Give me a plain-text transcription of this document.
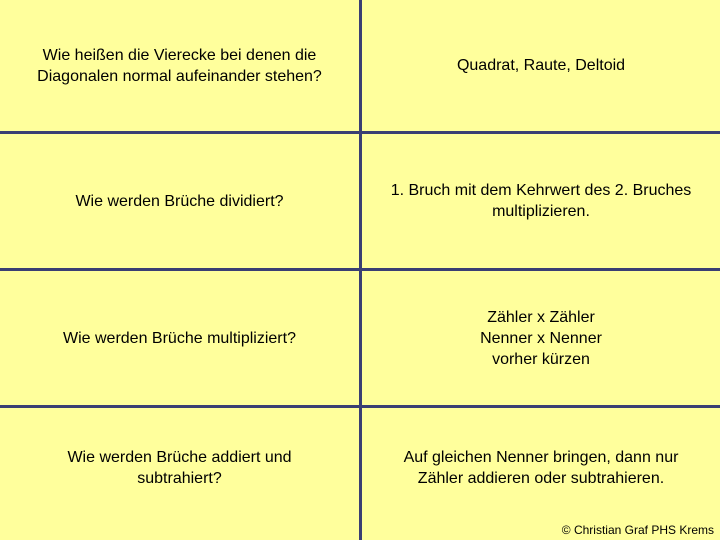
Wie heißen die Vierecke bei denen die
Diagonalen normal aufeinander stehen?
Quadrat, Raute, Deltoid
Wie werden Brüche dividiert?
1. Bruch mit dem Kehrwert des 2. Bruches
multiplizieren.
Wie werden Brüche multipliziert?
Zähler x Zähler
Nenner x Nenner
vorher kürzen
Wie werden Brüche addiert und
subtrahiert?
Auf gleichen Nenner bringen, dann nur
Zähler addieren oder subtrahieren.
© Christian Graf PHS Krems
